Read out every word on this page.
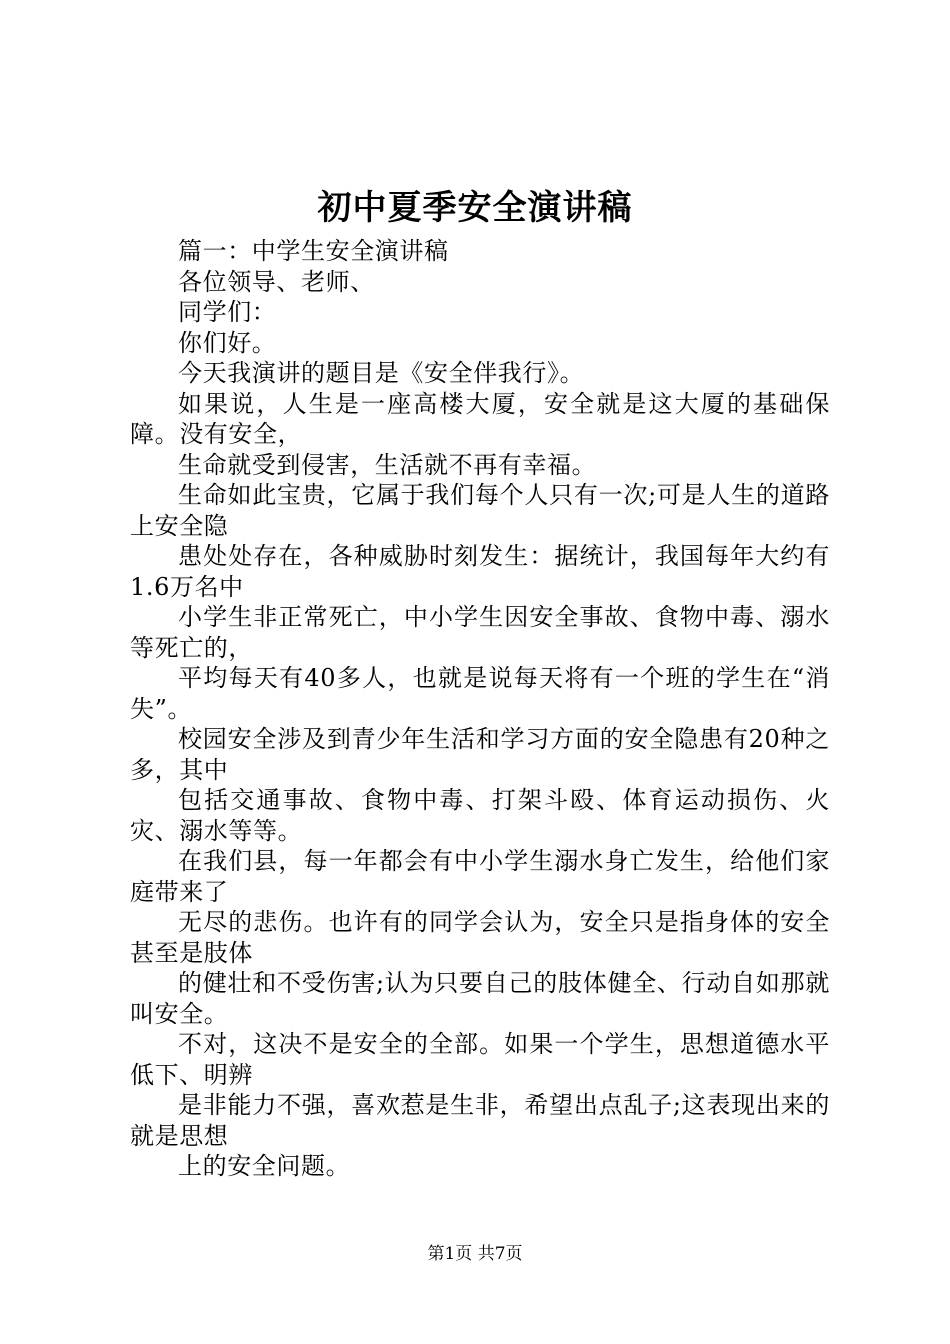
初中夏季安全演讲稿

篇一：中学生安全演讲稿

各位领导、老师、

同学们：

你们好。

今天我演讲的题目是《安全伴我行》。

如果说，人生是一座高楼大厦，安全就是这大厦的基础保障。没有安全，

生命就受到侵害，生活就不再有幸福。

生命如此宝贵，它属于我们每个人只有一次;可是人生的道路上安全隐

患处处存在，各种威胁时刻发生：据统计，我国每年大约有1.6万名中

小学生非正常死亡，中小学生因安全事故、食物中毒、溺水等死亡的，

平均每天有40多人，也就是说每天将有一个班的学生在“消失”。

校园安全涉及到青少年生活和学习方面的安全隐患有20种之多，其中

包括交通事故、食物中毒、打架斗殴、体育运动损伤、火灾、溺水等等。

在我们县，每一年都会有中小学生溺水身亡发生，给他们家庭带来了

无尽的悲伤。也许有的同学会认为，安全只是指身体的安全甚至是肢体

的健壮和不受伤害;认为只要自己的肢体健全、行动自如那就叫安全。

不对，这决不是安全的全部。如果一个学生，思想道德水平低下、明辨

是非能力不强，喜欢惹是生非，希望出点乱子;这表现出来的就是思想

上的安全问题。

第1页 共7页
